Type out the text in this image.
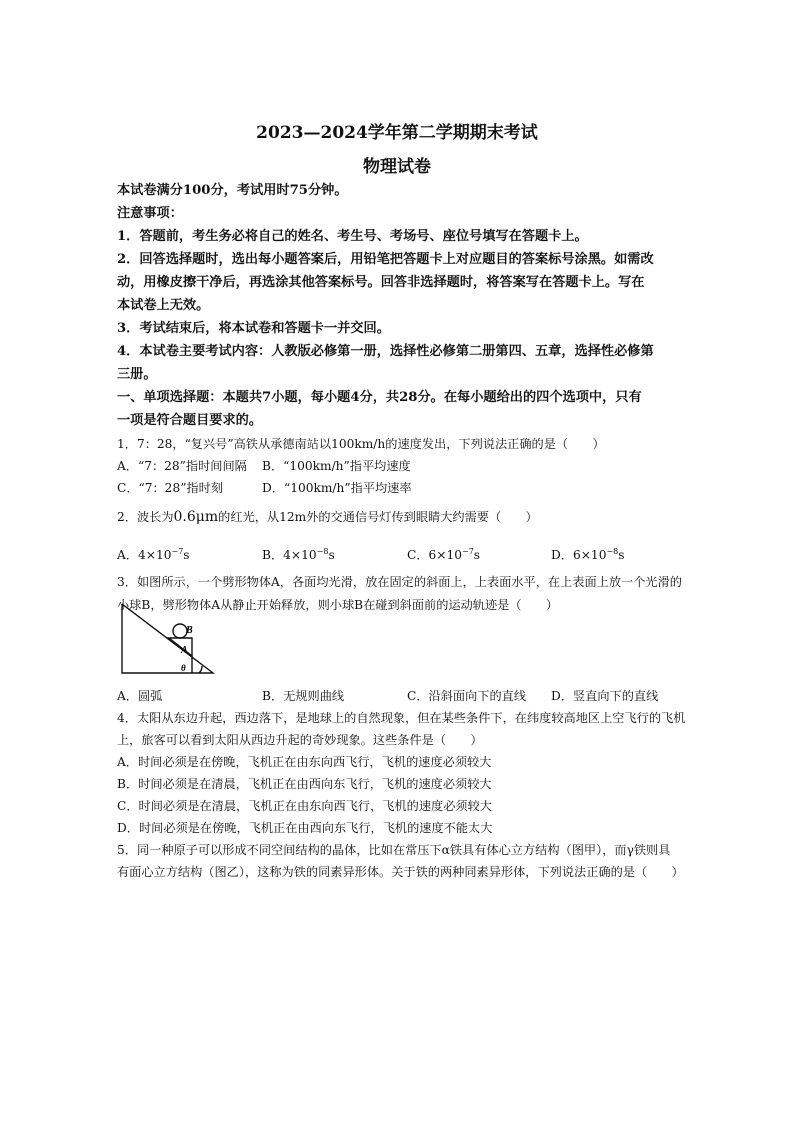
2023—2024学年第二学期期末考试
物理试卷
本试卷满分100分，考试用时75分钟。
注意事项：
1．答题前，考生务必将自己的姓名、考生号、考场号、座位号填写在答题卡上。
2．回答选择题时，选出每小题答案后，用铅笔把答题卡上对应题目的答案标号涂黑。如需改
动，用橡皮擦干净后，再选涂其他答案标号。回答非选择题时，将答案写在答题卡上。写在
本试卷上无效。
3．考试结束后，将本试卷和答题卡一并交回。
4．本试卷主要考试内容：人教版必修第一册，选择性必修第二册第四、五章，选择性必修第
三册。
一、单项选择题：本题共7小题，每小题4分，共28分。在每小题给出的四个选项中，只有
一项是符合题目要求的。
1．7：28，“复兴号”高铁从承德南站以100km/h的速度发出，下列说法正确的是（　　）
A．“7：28”指时间间隔 B．“100km/h”指平均速度
C．“7：28”指时刻	D．“100km/h”指平均速率
2．波长为0.6μm的红光，从12m外的交通信号灯传到眼睛大约需要（　　）
A．$4\times 10^{-7}s$	B．$4\times 10^{-8}s$	C．$6\times 10^{-7}s$	D．$6\times 10^{-8}s$
3．如图所示，一个劈形物体A，各面均光滑，放在固定的斜面上，上表面水平，在上表面上放一个光滑的
小球B，劈形物体A从静止开始释放，则小球B在碰到斜面前的运动轨迹是（　　）
B
A
θ
A．圆弧	B．无规则曲线	C．沿斜面向下的直线 D．竖直向下的直线
4．太阳从东边升起，西边落下，是地球上的自然现象，但在某些条件下，在纬度较高地区上空飞行的飞机
上，旅客可以看到太阳从西边升起的奇妙现象。这些条件是（　　）
A．时间必须是在傍晚，飞机正在由东向西飞行，飞机的速度必须较大
B．时间必须是在清晨，飞机正在由西向东飞行，飞机的速度必须较大
C．时间必须是在清晨，飞机正在由东向西飞行，飞机的速度必须较大
D．时间必须是在傍晚，飞机正在由西向东飞行，飞机的速度不能太大
5．同一种原子可以形成不同空间结构的晶体，比如在常压下α铁具有体心立方结构（图甲），而γ铁则具
有面心立方结构（图乙），这称为铁的同素异形体。关于铁的两种同素异形体，下列说法正确的是（　　）
